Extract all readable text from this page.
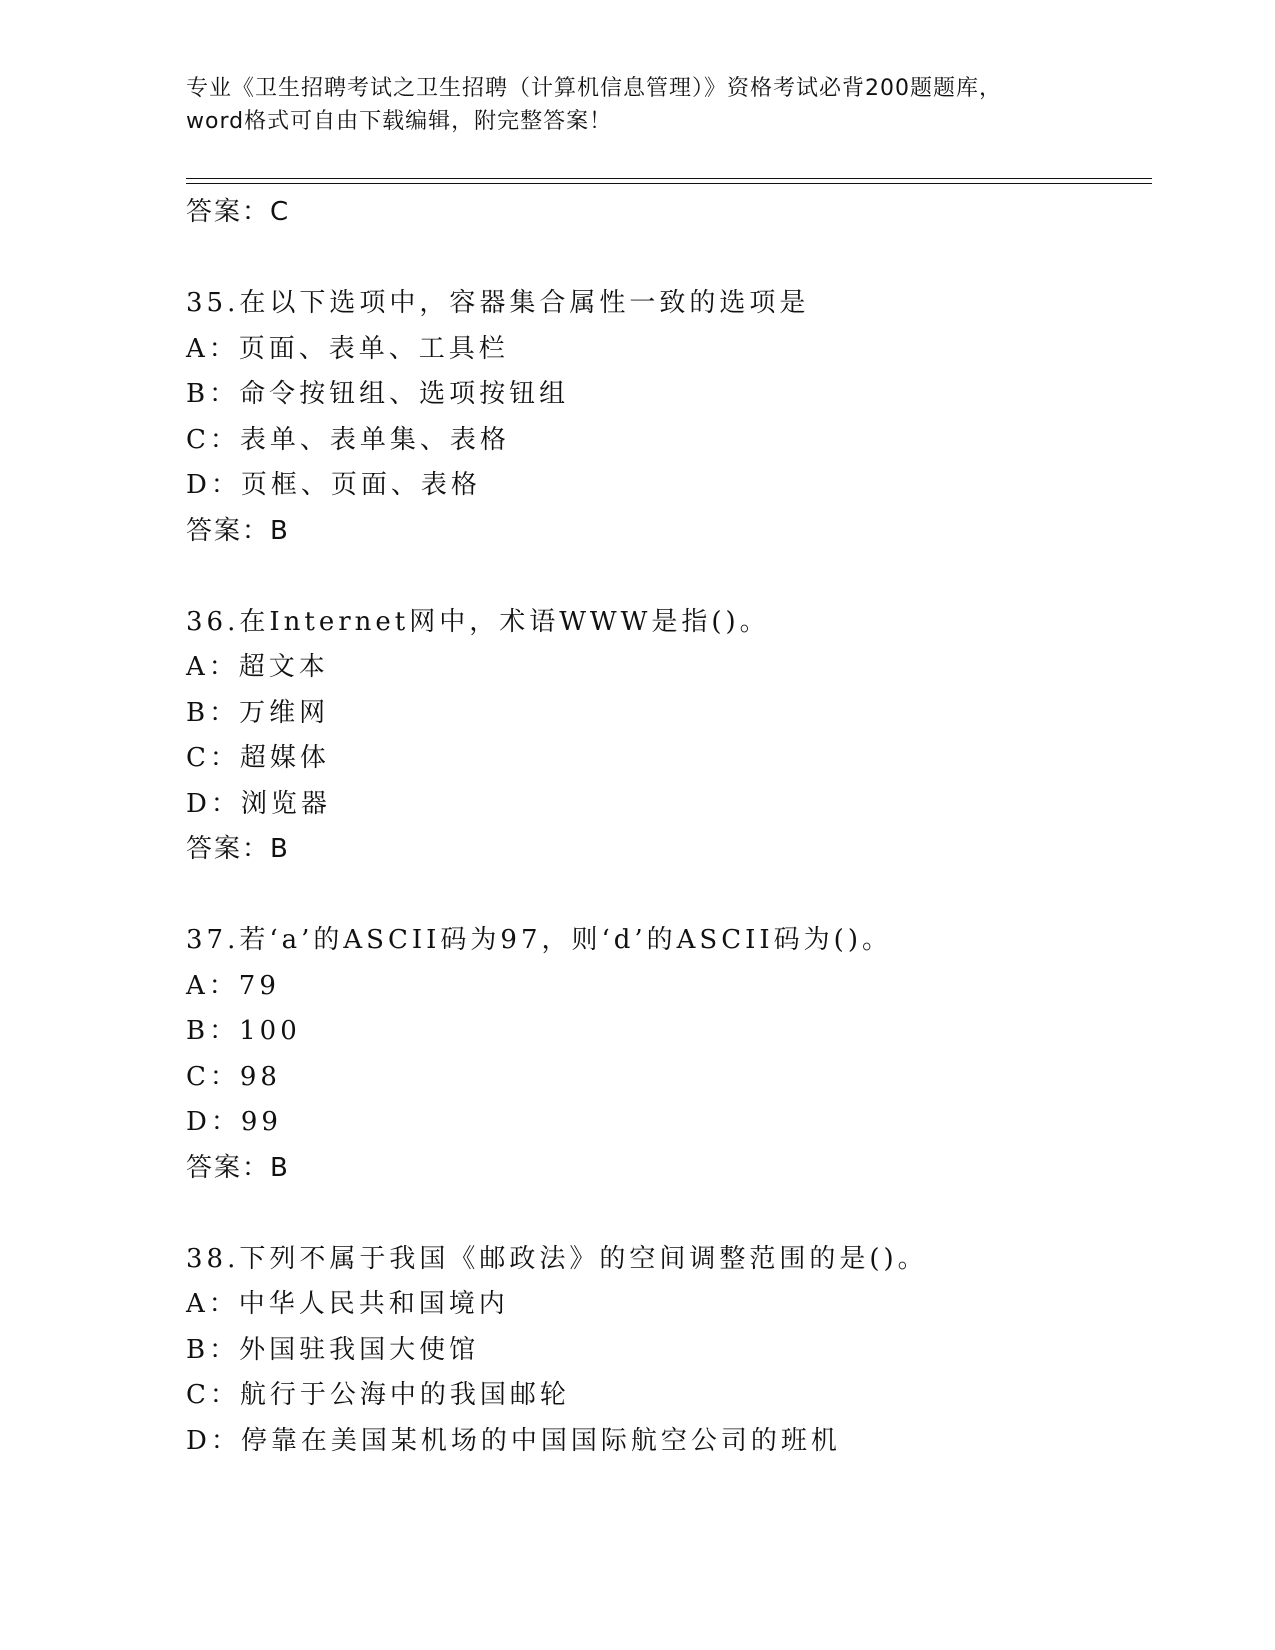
专业《卫生招聘考试之卫生招聘（计算机信息管理）》资格考试必背200题题库，
word格式可自由下载编辑，附完整答案！
答案：C
35.在以下选项中，容器集合属性一致的选项是
A：页面、表单、工具栏
B：命令按钮组、选项按钮组
C：表单、表单集、表格
D：页框、页面、表格
答案：B
36.在Internet网中，术语WWW是指()。
A：超文本
B：万维网
C：超媒体
D：浏览器
答案：B
37.若‘a’的ASCII码为97，则‘d’的ASCII码为()。
A：79
B：100
C：98
D：99
答案：B
38.下列不属于我国《邮政法》的空间调整范围的是()。
A：中华人民共和国境内
B：外国驻我国大使馆
C：航行于公海中的我国邮轮
D：停靠在美国某机场的中国国际航空公司的班机
